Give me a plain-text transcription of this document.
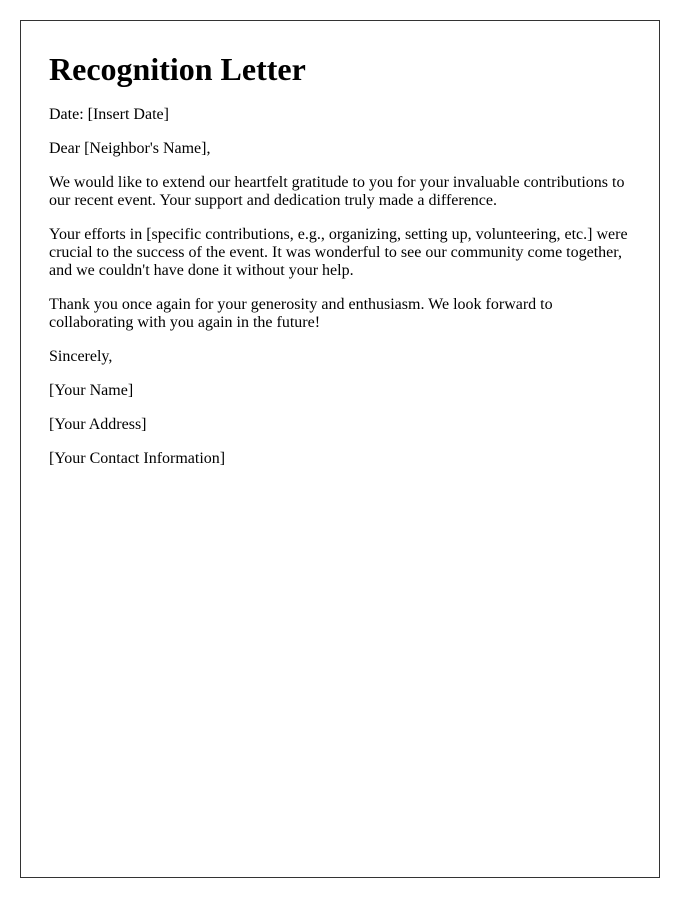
Recognition Letter
Date: [Insert Date]
Dear [Neighbor's Name],

We would like to extend our heartfelt gratitude to you for your invaluable contributions to our recent event. Your support and dedication truly made a difference.

Your efforts in [specific contributions, e.g., organizing, setting up, volunteering, etc.] were crucial to the success of the event. It was wonderful to see our community come together, and we couldn't have done it without your help.

Thank you once again for your generosity and enthusiasm. We look forward to collaborating with you again in the future!

Sincerely,
[Your Name]
[Your Address]
[Your Contact Information]
